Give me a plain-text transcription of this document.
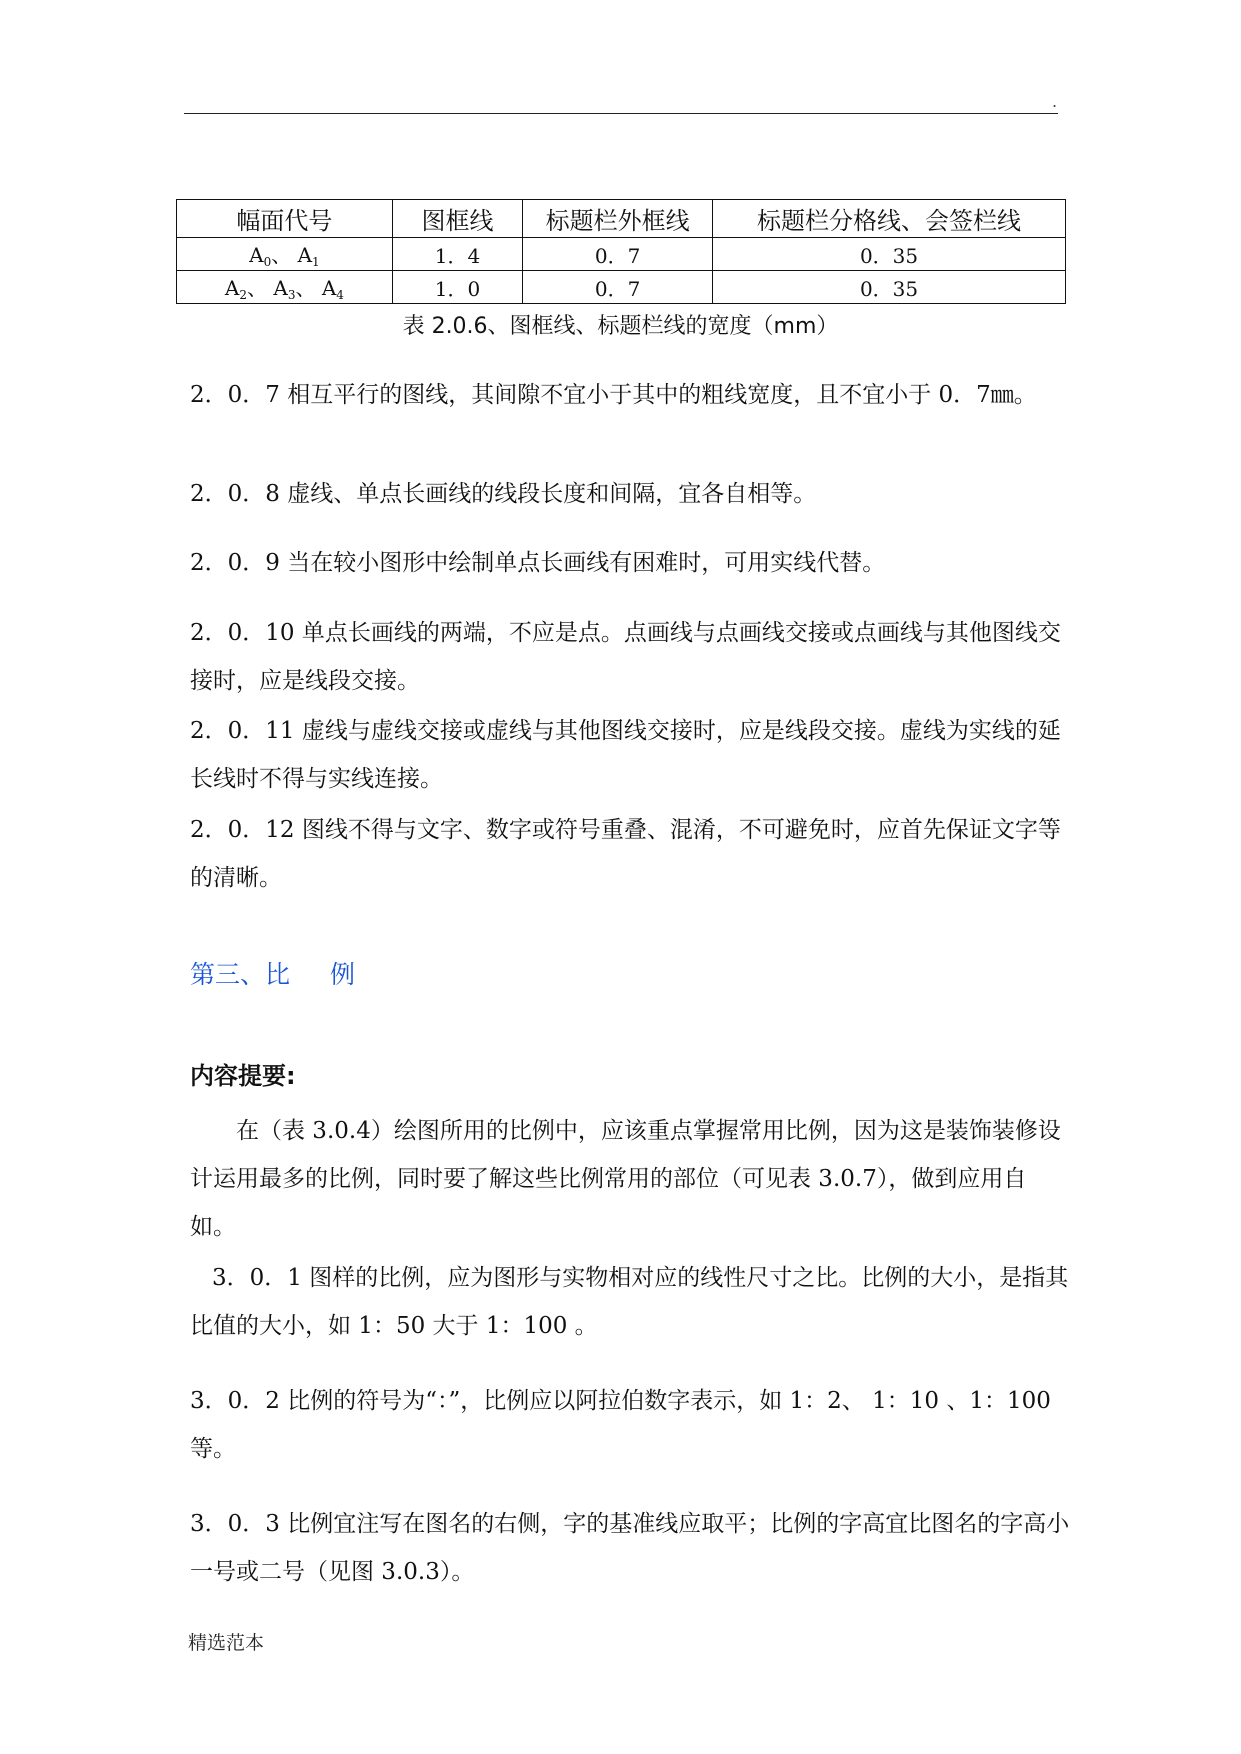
.
幅面代号	图框线	标题栏外框线	标题栏分格线、会签栏线
$A_0$、 $A_1$	1．4	0．7	0．35
$A_2$、 $A_3$、 $A_4$	1．0	0．7	0．35
表 2.0.6、图框线、标题栏线的宽度（mm）
2．0．7 相互平行的图线，其间隙不宜小于其中的粗线宽度，且不宜小于 0．7㎜。
2．0．8 虚线、单点长画线的线段长度和间隔，宜各自相等。
2．0．9 当在较小图形中绘制单点长画线有困难时，可用实线代替。
2．0．10 单点长画线的两端，不应是点。点画线与点画线交接或点画线与其他图线交接时，应是线段交接。
2．0．11 虚线与虚线交接或虚线与其他图线交接时，应是线段交接。虚线为实线的延长线时不得与实线连接。
2．0．12 图线不得与文字、数字或符号重叠、混淆，不可避免时，应首先保证文字等的清晰。
第三、比 例
内容提要:
在（表 3.0.4）绘图所用的比例中，应该重点掌握常用比例，因为这是装饰装修设计运用最多的比例，同时要了解这些比例常用的部位（可见表 3.0.7），做到应用自如。
3．0．1 图样的比例，应为图形与实物相对应的线性尺寸之比。比例的大小，是指其比值的大小，如 1：50 大于 1：100 。
3．0．2 比例的符号为“：”，比例应以阿拉伯数字表示，如 1：2、 1：10 、1：100 等。
3．0．3 比例宜注写在图名的右侧，字的基准线应取平；比例的字高宜比图名的字高小一号或二号（见图 3.0.3）。
精选范本
